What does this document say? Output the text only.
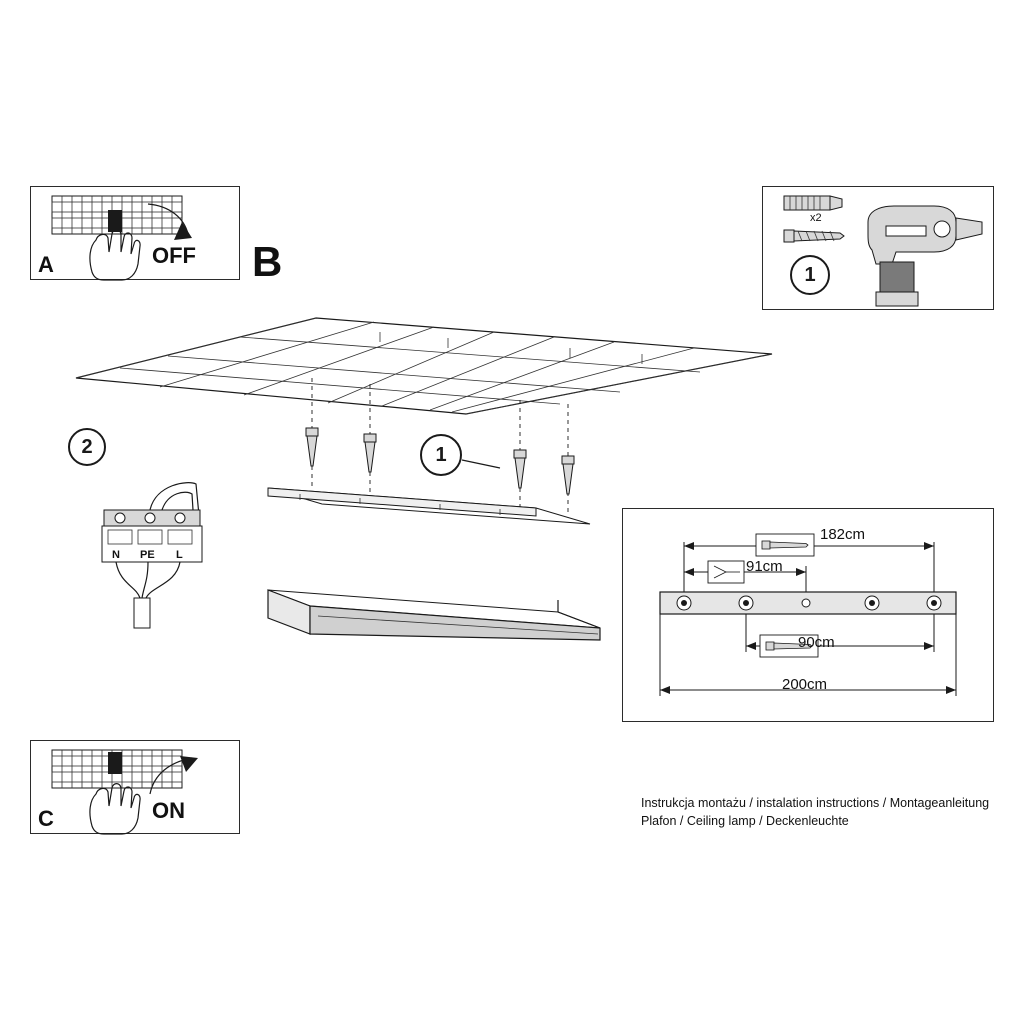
A	OFF
C	ON
B
x2
1
1
2
N PE L
182cm
91cm
90cm
200cm
Instrukcja montażu / instalation instructions / Montageanleitung
Plafon / Ceiling lamp / Deckenleuchte
